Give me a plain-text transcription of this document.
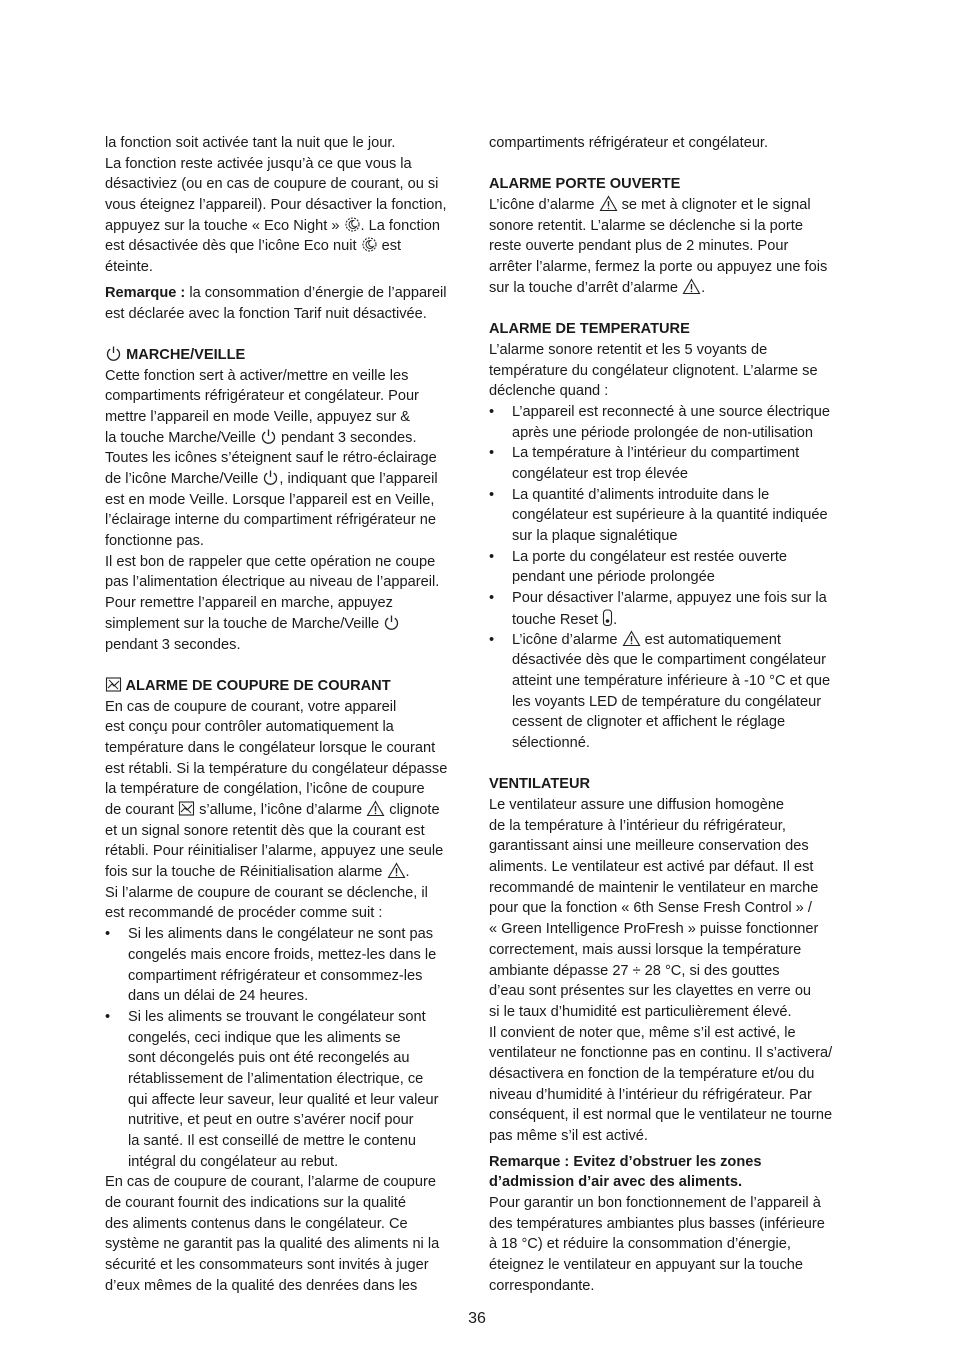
la fonction soit activée tant la nuit que le jour.
La fonction reste activée jusqu’à ce que vous la
désactiviez (ou en cas de coupure de courant, ou si
vous éteignez l’appareil). Pour désactiver la fonction,
appuyez sur la touche « Eco Night » . La fonction
est désactivée dès que l’icône Eco nuit est
éteinte.
Remarque : la consommation d’énergie de l’appareil
est déclarée avec la fonction Tarif nuit désactivée.
MARCHE/VEILLE
Cette fonction sert à activer/mettre en veille les
compartiments réfrigérateur et congélateur. Pour
mettre l’appareil en mode Veille, appuyez sur &
la touche Marche/Veille pendant 3 secondes.
Toutes les icônes s’éteignent sauf le rétro-éclairage
de l’icône Marche/Veille , indiquant que l’appareil
est en mode Veille. Lorsque l’appareil est en Veille,
l’éclairage interne du compartiment réfrigérateur ne
fonctionne pas.
Il est bon de rappeler que cette opération ne coupe
pas l’alimentation électrique au niveau de l’appareil.
Pour remettre l’appareil en marche, appuyez
simplement sur la touche de Marche/Veille
pendant 3 secondes.
ALARME DE COUPURE DE COURANT
En cas de coupure de courant, votre appareil
est conçu pour contrôler automatiquement la
température dans le congélateur lorsque le courant
est rétabli. Si la température du congélateur dépasse
la température de congélation, l’icône de coupure
de courant s’allume, l’icône d’alarme clignote
et un signal sonore retentit dès que la courant est
rétabli. Pour réinitialiser l’alarme, appuyez une seule
fois sur la touche de Réinitialisation alarme .
Si l’alarme de coupure de courant se déclenche, il
est recommandé de procéder comme suit :
• Si les aliments dans le congélateur ne sont pas
congelés mais encore froids, mettez-les dans le
compartiment réfrigérateur et consommez-les
dans un délai de 24 heures.
• Si les aliments se trouvant le congélateur sont
congelés, ceci indique que les aliments se
sont décongelés puis ont été recongelés au
rétablissement de l’alimentation électrique, ce
qui affecte leur saveur, leur qualité et leur valeur
nutritive, et peut en outre s’avérer nocif pour
la santé. Il est conseillé de mettre le contenu
intégral du congélateur au rebut.
En cas de coupure de courant, l’alarme de coupure
de courant fournit des indications sur la qualité
des aliments contenus dans le congélateur. Ce
système ne garantit pas la qualité des aliments ni la
sécurité et les consommateurs sont invités à juger
d’eux mêmes de la qualité des denrées dans les
compartiments réfrigérateur et congélateur.
ALARME PORTE OUVERTE
L’icône d’alarme se met à clignoter et le signal
sonore retentit. L’alarme se déclenche si la porte
reste ouverte pendant plus de 2 minutes. Pour
arrêter l’alarme, fermez la porte ou appuyez une fois
sur la touche d’arrêt d’alarme .
ALARME DE TEMPERATURE
L’alarme sonore retentit et les 5 voyants de
température du congélateur clignotent. L’alarme se
déclenche quand :
• L’appareil est reconnecté à une source électrique
après une période prolongée de non-utilisation
• La température à l’intérieur du compartiment
congélateur est trop élevée
• La quantité d’aliments introduite dans le
congélateur est supérieure à la quantité indiquée
sur la plaque signalétique
• La porte du congélateur est restée ouverte
pendant une période prolongée
• Pour désactiver l’alarme, appuyez une fois sur la
touche Reset .
• L’icône d’alarme est automatiquement
désactivée dès que le compartiment congélateur
atteint une température inférieure à -10 °C et que
les voyants LED de température du congélateur
cessent de clignoter et affichent le réglage
sélectionné.
VENTILATEUR
Le ventilateur assure une diffusion homogène
de la température à l’intérieur du réfrigérateur,
garantissant ainsi une meilleure conservation des
aliments. Le ventilateur est activé par défaut. Il est
recommandé de maintenir le ventilateur en marche
pour que la fonction « 6th Sense Fresh Control » /
« Green Intelligence ProFresh » puisse fonctionner
correctement, mais aussi lorsque la température
ambiante dépasse 27 ÷ 28 °C, si des gouttes
d’eau sont présentes sur les clayettes en verre ou
si le taux d’humidité est particulièrement élevé.
Il convient de noter que, même s’il est activé, le
ventilateur ne fonctionne pas en continu. Il s’activera/
désactivera en fonction de la température et/ou du
niveau d’humidité à l’intérieur du réfrigérateur. Par
conséquent, il est normal que le ventilateur ne tourne
pas même s’il est activé.
Remarque : Evitez d’obstruer les zones
d’admission d’air avec des aliments.
Pour garantir un bon fonctionnement de l’appareil à
des températures ambiantes plus basses (inférieure
à 18 °C) et réduire la consommation d’énergie,
éteignez le ventilateur en appuyant sur la touche
correspondante.
36
